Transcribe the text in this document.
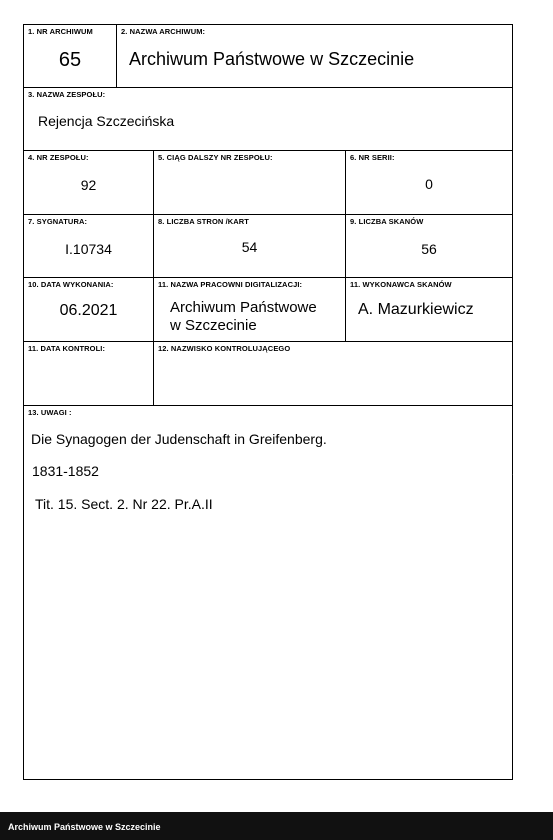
1. NR ARCHIWUM
65
2. NAZWA ARCHIWUM:
Archiwum Państwowe w Szczecinie
3. NAZWA ZESPOŁU:
Rejencja Szczecińska
4. NR ZESPOŁU:
92
5. CIĄG DALSZY NR ZESPOŁU:	6. NR SERII:
0
7. SYGNATURA:
I.10734
8. LICZBA STRON /KART
54
9. LICZBA SKANÓW
56
10. DATA WYKONANIA:
06.2021
11. NAZWA PRACOWNI DIGITALIZACJI:
Archiwum Państwowe
w Szczecinie
11. WYKONAWCA SKANÓW
A. Mazurkiewicz
11. DATA KONTROLI:	12. NAZWISKO KONTROLUJĄCEGO
13. UWAGI :
Die Synagogen der Judenschaft in Greifenberg.
1831-1852
Tit. 15. Sect. 2. Nr 22. Pr.A.II
·
Archiwum Państwowe w Szczecinie
